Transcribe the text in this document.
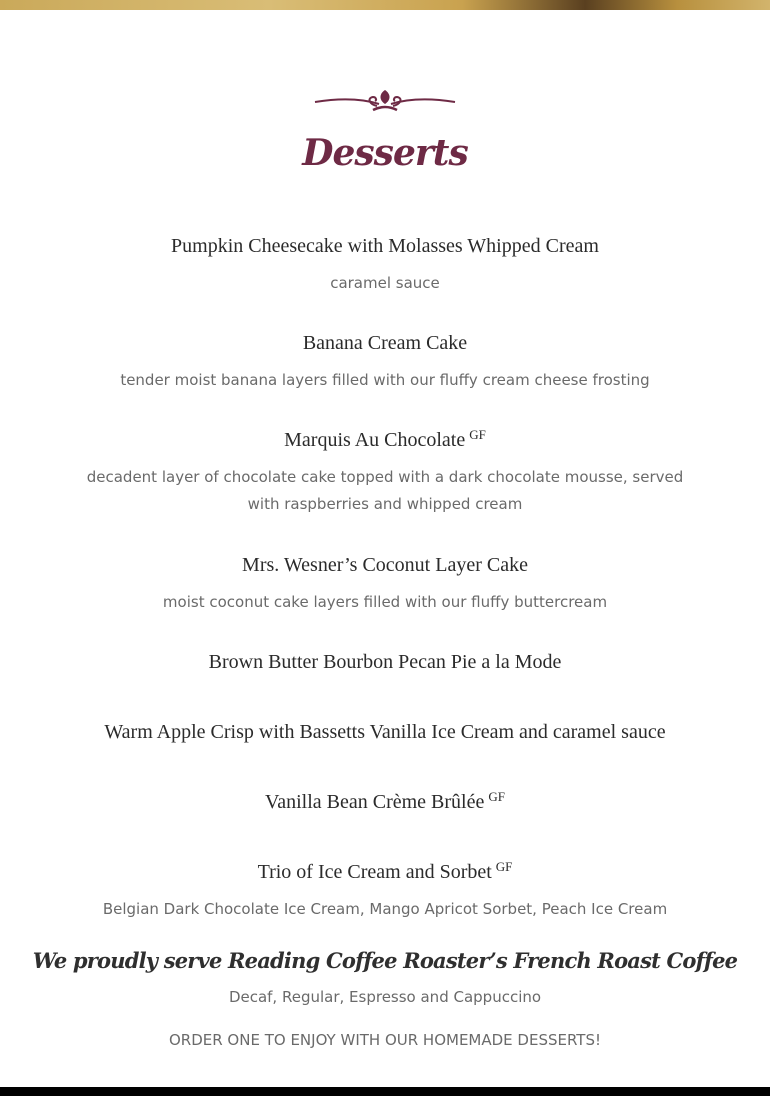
Desserts
Pumpkin Cheesecake with Molasses Whipped Cream
caramel sauce
Banana Cream Cake
tender moist banana layers filled with our fluffy cream cheese frosting
Marquis Au Chocolate $^{GF}$
decadent layer of chocolate cake topped with a dark chocolate mousse, served with raspberries and whipped cream
Mrs. Wesner’s Coconut Layer Cake
moist coconut cake layers filled with our fluffy buttercream
Brown Butter Bourbon Pecan Pie a la Mode
Warm Apple Crisp with Bassetts Vanilla Ice Cream and caramel sauce
Vanilla Bean Crème Brûlée $^{GF}$
Trio of Ice Cream and Sorbet $^{GF}$
Belgian Dark Chocolate Ice Cream, Mango Apricot Sorbet, Peach Ice Cream
We proudly serve Reading Coffee Roaster’s French Roast Coffee
Decaf, Regular, Espresso and Cappuccino
ORDER ONE TO ENJOY WITH OUR HOMEMADE DESSERTS!
